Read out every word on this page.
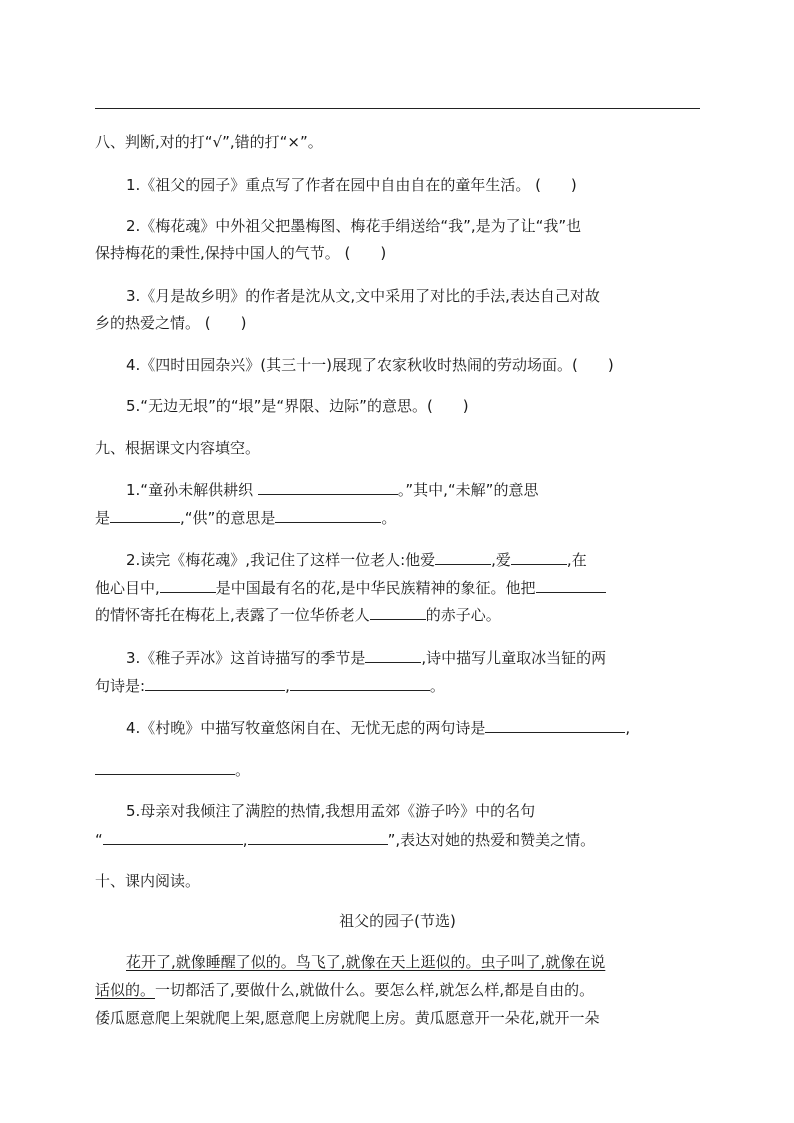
八、判断,对的打“√”,错的打“×”。
1.《祖父的园子》重点写了作者在园中自由自在的童年生活。 (　　)
2.《梅花魂》中外祖父把墨梅图、梅花手绢送给“我”,是为了让“我”也
保持梅花的秉性,保持中国人的气节。 (　　)
3.《月是故乡明》的作者是沈从文,文中采用了对比的手法,表达自己对故
乡的热爱之情。 (　　)
4.《四时田园杂兴》(其三十一)展现了农家秋收时热闹的劳动场面。(　　)
5.“无边无垠”的“垠”是“界限、边际”的意思。(　　)
九、根据课文内容填空。
1.“童孙未解供耕织	。”其中,“未解”的意思
是	,“供”的意思是	。
2.读完《梅花魂》,我记住了这样一位老人:他爱	,爱	,在
他心目中,	是中国最有名的花,是中华民族精神的象征。他把
的情怀寄托在梅花上,表露了一位华侨老人	的赤子心。
3.《稚子弄冰》这首诗描写的季节是	,诗中描写儿童取冰当钲的两
句诗是:	,	。
4.《村晚》中描写牧童悠闲自在、无忧无虑的两句诗是	,
。
5.母亲对我倾注了满腔的热情,我想用孟郊《游子吟》中的名句
“	,	”,表达对她的热爱和赞美之情。
十、课内阅读。
祖父的园子(节选)
花开了,就像睡醒了似的。鸟飞了,就像在天上逛似的。虫子叫了,就像在说
话似的。一切都活了,要做什么,就做什么。要怎么样,就怎么样,都是自由的。
倭瓜愿意爬上架就爬上架,愿意爬上房就爬上房。黄瓜愿意开一朵花,就开一朵
